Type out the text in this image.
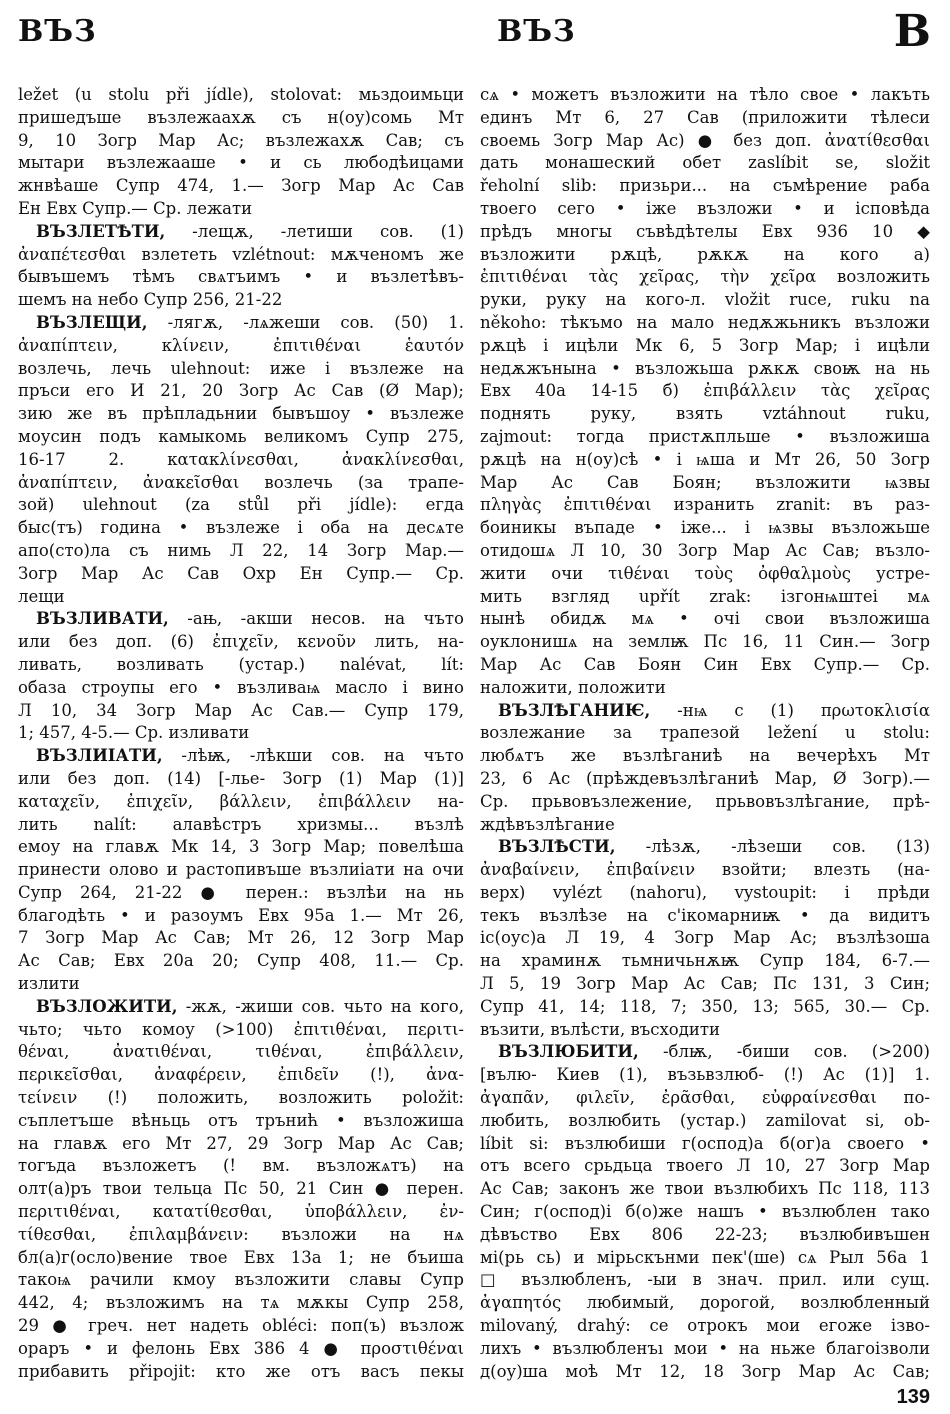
ВЪЗ	ВЪЗ	В
ležet (u stolu při jídle), stolovat: мьздоимьци
пришедъше възлежаахѫ съ н(оу)сомь Мт
9, 10 Зогр Мар Ас; възлежахѫ Сав; съ
мытари възлежааше • и сь любодѣицами
жнвѣаше Супр 474, 1.— Зогр Мар Ас Сав
Ен Евх Супр.— Ср. лежати
ВЪЗЛЕТѢТИ, -лещѫ, -летиши сов. (1)
ἀναπέτεσθαι взлететь vzlétnout: мѫченомъ же
бывъшемъ тѣмъ свѧтъимъ • и възлетѣвъ-
шемъ на небо Супр 256, 21-22
ВЪЗЛЕЩИ, -лягѫ, -лѧжеши сов. (50) 1.
ἀναπίπτειν, κλίνειν, ἐπιτιθέναι ἑαυτόν
возлечь, лечь ulehnout: иже і възлеже на
пръси его И 21, 20 Зогр Ас Сав (Ø Мар);
зию же въ прѣпладьнии бывъшоу • възлеже
моусин подъ камыкомь великомъ Супр 275,
16-17 2. κατακλίνεσθαι, ἀνακλίνεσθαι,
ἀναπίπτειν, ἀνακεῖσθαι возлечь (за трапе-
зой) ulehnout (za stůl při jídle): егда
быс(тъ) година • възлеже і оба на десѧте
апо(сто)ла съ нимь Л 22, 14 Зогр Мар.—
Зогр Мар Ас Сав Охр Ен Супр.— Ср.
лещи
ВЪЗЛИВАТИ, -ањ, -акши несов. на чъто
или без доп. (6) ἐπιχεῖν, κενοῦν лить, на-
ливать, возливать (устар.) nalévat, lít:
обаза строупы его • възливаѩ масло і вино
Л 10, 34 Зогр Мар Ас Сав.— Супр 179,
1; 457, 4-5.— Ср. изливати
ВЪЗЛИІАТИ, -лѣѭ, -лѣкши сов. на чъто
или без доп. (14) [-лье- Зогр (1) Мар (1)]
καταχεῖν, ἐπιχεῖν, βάλλειν, ἐπιβάλλειν на-
лить nalít: алавѣстръ хризмы... възлѣ
емоу на главѫ Мк 14, 3 Зогр Мар; повелѣша
принести олово и растопивъше възлиіати на очи
Супр 264, 21-22 ● перен.: възлѣи на нь
благодѣть • и разоумъ Евх 95а 1.— Мт 26,
7 Зогр Мар Ас Сав; Мт 26, 12 Зогр Мар
Ас Сав; Евх 20а 20; Супр 408, 11.— Ср.
излити
ВЪЗЛОЖИТИ, -жѫ, -жиши сов. чьто на кого,
чьто; чьто комоу (>100) ἐπιτιθέναι, περιτι-
θέναι, ἀνατιθέναι, τιθέναι, ἐπιβάλλειν,
περικεῖσθαι, ἀναφέρειν, ἐπιδεῖν (!), ἀνα-
τείνειν (!) положить, возложить položit:
съплетъше вѣньць отъ трънић • възложиша
на главѫ его Мт 27, 29 Зогр Мар Ас Сав;
тогъда възложетъ (! вм. възложѧтъ) на
олт(а)ръ твои тельца Пс 50, 21 Син ● перен.
περιτιθέναι, κατατίθεσθαι, ὑποβάλλειν, ἐν-
τίθεσθαι, ἐπιλαμβάνειν: възложи на нѧ
бл(а)г(осло)вение твое Евх 13а 1; не бъиша
такоѩ рачили кмоу възложити славы Супр
442, 4; възложимъ на тѧ мѫкы Супр 258,
29 ● греч. нет надеть obléci: поп(ъ) възлож
ораръ • и фелонь Евх 386 4 ● προστιθέναι
прибавить připojit: кто же отъ васъ пекы
сѧ • можетъ възложити на тѣло свое • лакъть
единъ Мт 6, 27 Сав (приложити тѣлеси
своемь Зогр Мар Ас) ● без доп. ἀνατίθεσθαι
дать монашеский обет zaslíbit se, složit
řeholní slib: призьри... на съмѣрение раба
твоего сего • іже възложи • и ісповѣда
прѣдъ многы съвѣдѣтелы Евх 936 10 ◆
възложити рѫцѣ, рѫкѫ на кого а)
ἐπιτιθέναι τὰς χεῖρας, τὴν χεῖρα возложить
руки, руку на кого-л. vložit ruce, ruku na
někoho: тѣкъмо на мало недѫжьникъ възложи
рѫцѣ і ицѣли Мк 6, 5 Зогр Мар; і ицѣли
недѫжънына • възложьша рѫкѫ своѭ на нь
Евх 40а 14-15 б) ἐπιβάλλειν τὰς χεῖρας
поднять руку, взять vztáhnout ruku,
zajmout: тогда пристѫпльше • възложиша
рѫцѣ на н(оу)сѣ • і ѩша и Мт 26, 50 Зогр
Мар Ас Сав Боян; възложити ѩзвы
πληγὰς ἐπιτιθέναι изранить zranit: въ раз-
боиникы въпаде • іже... і ѩзвы възложьше
отидошѧ Л 10, 30 Зогр Мар Ас Сав; възло-
жити очи τιθέναι τοὺς ὀφθαλμοὺς устре-
мить взгляд upřít zrak: ізгонѩштеі мѧ
нынѣ обидѫ мѧ • очі свои възложиша
оуклонишѧ на землѭ Пс 16, 11 Син.— Зогр
Мар Ас Сав Боян Син Евх Супр.— Ср.
наложити, положити
ВЪЗЛѢГАНИѤ, -нѩ с (1) πρωτοκλισία
возлежание за трапезой ležení u stolu:
любѧтъ же възлѣганиѣ на вечерѣхъ Мт
23, 6 Ас (прѣждевъзлѣганиѣ Мар, Ø Зогр).—
Ср. прьвовъзлежение, прьвовъзлѣгание, прѣ-
ждѣвъзлѣгание
ВЪЗЛѢСТИ, -лѣзѫ, -лѣзеши сов. (13)
ἀναβαίνειν, ἐπιβαίνειν взойти; влезть (на-
верх) vylézt (nahoru), vystoupit: і прѣди
текъ възлѣзе на с'ікомарниѭ • да видитъ
іс(оус)а Л 19, 4 Зогр Мар Ас; възлѣзоша
на храминѫ тьмничьнѫѭ Супр 184, 6-7.—
Л 5, 19 Зогр Мар Ас Сав; Пс 131, 3 Син;
Супр 41, 14; 118, 7; 350, 13; 565, 30.— Ср.
възити, вълѣсти, въсходити
ВЪЗЛЮБИТИ, -блѭ, -биши сов. (>200)
[вълю- Киев (1), възьвзлюб- (!) Ас (1)] 1.
ἀγαπᾶν, φιλεῖν, ἐρᾶσθαι, εὐφραίνεσθαι по-
любить, возлюбить (устар.) zamilovat si, ob-
líbit si: възлюбиши г(оспод)а б(ог)а своего •
отъ всего срьдьца твоего Л 10, 27 Зогр Мар
Ас Сав; законъ же твои възлюбихъ Пс 118, 113
Син; г(оспод)і б(о)же нашъ • възлюблен тако
дѣвъство Евх 806 22-23; възлюбивъшен
мі(рь сь) и мірьскънми пек'(ше) сѧ Рыл 56а 1
□ възлюбленъ, -ыи в знач. прил. или сущ.
ἀγαπητός любимый, дорогой, возлюбленный
milovaný, drahý: се отрокъ мои егоже ізво-
лихъ • възлюбленъı мои • на ньже благоізволи
д(оу)ша моѣ Мт 12, 18 Зогр Мар Ас Сав;
139
